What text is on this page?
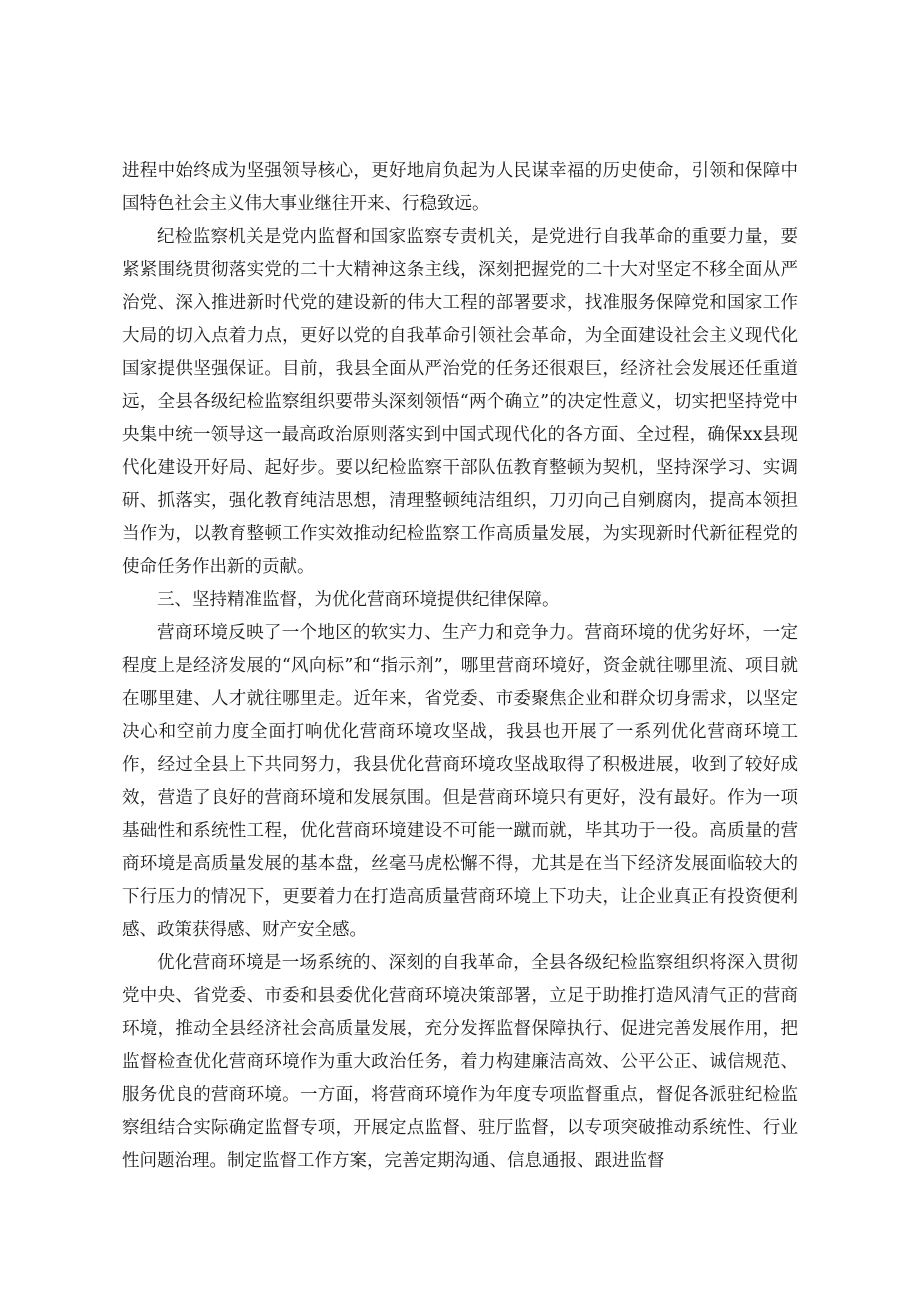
进程中始终成为坚强领导核心，更好地肩负起为人民谋幸福的历史使命，引领和保障中国特色社会主义伟大事业继往开来、行稳致远。

纪检监察机关是党内监督和国家监察专责机关，是党进行自我革命的重要力量，要紧紧围绕贯彻落实党的二十大精神这条主线，深刻把握党的二十大对坚定不移全面从严治党、深入推进新时代党的建设新的伟大工程的部署要求，找准服务保障党和国家工作大局的切入点着力点，更好以党的自我革命引领社会革命，为全面建设社会主义现代化国家提供坚强保证。目前，我县全面从严治党的任务还很艰巨，经济社会发展还任重道远，全县各级纪检监察组织要带头深刻领悟“两个确立”的决定性意义，切实把坚持党中央集中统一领导这一最高政治原则落实到中国式现代化的各方面、全过程，确保xx县现代化建设开好局、起好步。要以纪检监察干部队伍教育整顿为契机，坚持深学习、实调研、抓落实，强化教育纯洁思想，清理整顿纯洁组织，刀刃向己自剜腐肉，提高本领担当作为，以教育整顿工作实效推动纪检监察工作高质量发展，为实现新时代新征程党的使命任务作出新的贡献。

三、坚持精准监督，为优化营商环境提供纪律保障。

营商环境反映了一个地区的软实力、生产力和竞争力。营商环境的优劣好坏，一定程度上是经济发展的“风向标”和“指示剂”，哪里营商环境好，资金就往哪里流、项目就在哪里建、人才就往哪里走。近年来，省党委、市委聚焦企业和群众切身需求，以坚定决心和空前力度全面打响优化营商环境攻坚战，我县也开展了一系列优化营商环境工作，经过全县上下共同努力，我县优化营商环境攻坚战取得了积极进展，收到了较好成效，营造了良好的营商环境和发展氛围。但是营商环境只有更好，没有最好。作为一项基础性和系统性工程，优化营商环境建设不可能一蹴而就，毕其功于一役。高质量的营商环境是高质量发展的基本盘，丝毫马虎松懈不得，尤其是在当下经济发展面临较大的下行压力的情况下，更要着力在打造高质量营商环境上下功夫，让企业真正有投资便利感、政策获得感、财产安全感。

优化营商环境是一场系统的、深刻的自我革命，全县各级纪检监察组织将深入贯彻党中央、省党委、市委和县委优化营商环境决策部署，立足于助推打造风清气正的营商环境，推动全县经济社会高质量发展，充分发挥监督保障执行、促进完善发展作用，把监督检查优化营商环境作为重大政治任务，着力构建廉洁高效、公平公正、诚信规范、服务优良的营商环境。一方面，将营商环境作为年度专项监督重点，督促各派驻纪检监察组结合实际确定监督专项，开展定点监督、驻厅监督，以专项突破推动系统性、行业性问题治理。制定监督工作方案，完善定期沟通、信息通报、跟进监督
